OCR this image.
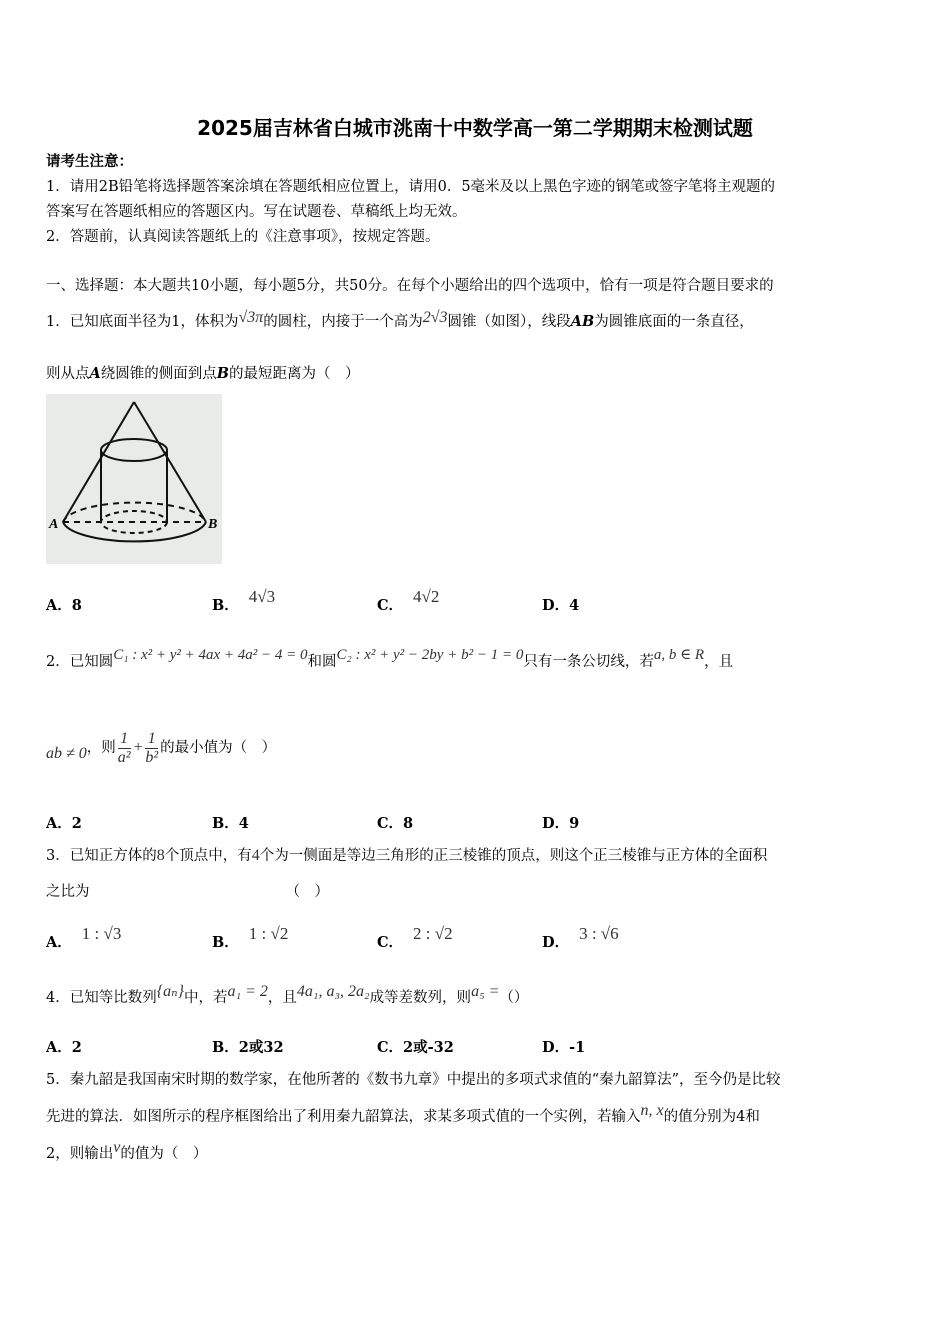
2025届吉林省白城市洮南十中数学高一第二学期期末检测试题
请考生注意：
1．请用2B铅笔将选择题答案涂填在答题纸相应位置上，请用0．5毫米及以上黑色字迹的钢笔或签字笔将主观题的
答案写在答题纸相应的答题区内。写在试题卷、草稿纸上均无效。
2．答题前，认真阅读答题纸上的《注意事项》，按规定答题。
一、选择题：本大题共10小题，每小题5分，共50分。在每个小题给出的四个选项中，恰有一项是符合题目要求的
1．已知底面半径为1，体积为√3π的圆柱，内接于一个高为2√3圆锥（如图），线段AB为圆锥底面的一条直径，
则从点A绕圆锥的侧面到点B的最短距离为（　）
A	B
A．8	B． 4√3	C． 4√2	D．4
2．已知圆C₁ : x² + y² + 4ax + 4a² − 4 = 0和圆C₂ : x² + y² − 2by + b² − 1 = 0只有一条公切线，若a, b ∈ R，且
ab ≠ 0，则 $\frac{1}{\text{a²}} + \frac{1}{\text{b²}}$ 的最小值为（　）
A．2	B．4	C．8	D．9
3．已知正方体的8个顶点中，有4个为一侧面是等边三角形的正三棱锥的顶点，则这个正三棱锥与正方体的全面积
之比为	（　）
A． 1 : √3	B． 1 : √2	C． 2 : √2	D． 3 : √6
4．已知等比数列{aₙ}中，若a₁ = 2，且4a₁, a₃, 2a₂成等差数列，则a₅ =（）
A．2	B．2或32	C．2或-32	D．-1
5．秦九韶是我国南宋时期的数学家，在他所著的《数书九章》中提出的多项式求值的“秦九韶算法”，至今仍是比较
先进的算法．如图所示的程序框图给出了利用秦九韶算法，求某多项式值的一个实例，若输入n, x的值分别为4和
2，则输出v的值为（　）
